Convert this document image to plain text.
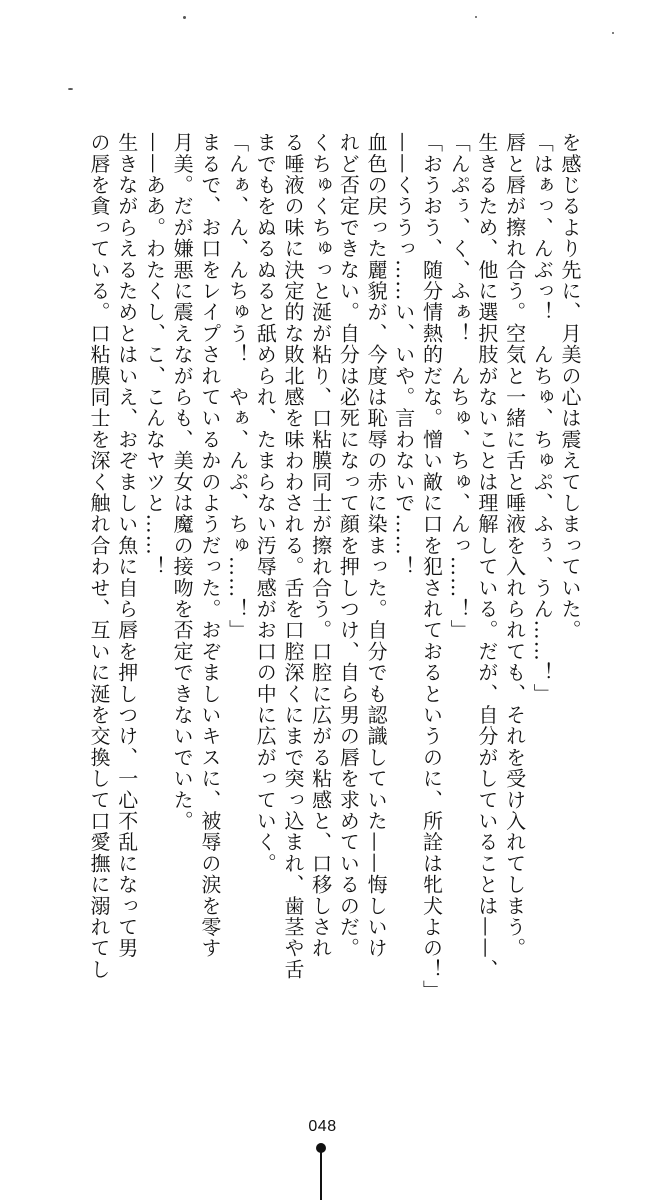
を感じるより先に、月美の心は震えてしまっていた。

「はぁっ、んぶっ！　んちゅ、ちゅぷ、ふぅ、うん……！」

唇と唇が擦れ合う。空気と一緒に舌と唾液を入れられても、それを受け入れてしまう。

生きるため、他に選択肢がないことは理解している。だが、自分がしていることは——、

「んぷぅ、く、ふぁ！　んちゅ、ちゅ、んっ……！」

「おうおう、随分情熱的だな。憎い敵に口を犯されておるというのに、所詮は牝犬よの！」

——くううっ……い、いや。言わないで……！

血色の戻った麗貌が、今度は恥辱の赤に染まった。自分でも認識していた——悔しいけ

れど否定できない。自分は必死になって顔を押しつけ、自ら男の唇を求めているのだ。

くちゅくちゅっと涎が粘り、口粘膜同士が擦れ合う。口腔に広がる粘感と、口移しされ

る唾液の味に決定的な敗北感を味わわされる。舌を口腔深くにまで突っ込まれ、歯茎や舌

までもをぬるぬると舐められ、たまらない汚辱感がお口の中に広がっていく。

「んぁ、ん、んちゅう！　やぁ、んぷ、ちゅ……！」

まるで、お口をレイプされているかのようだった。おぞましいキスに、被辱の涙を零す

月美。だが嫌悪に震えながらも、美女は魔の接吻を否定できないでいた。

——ああ。わたくし、こ、こんなヤツと……！

生きながらえるためとはいえ、おぞましい魚に自ら唇を押しつけ、一心不乱になって男

の唇を貪っている。口粘膜同士を深く触れ合わせ、互いに涎を交換して口愛撫に溺れてし

048
